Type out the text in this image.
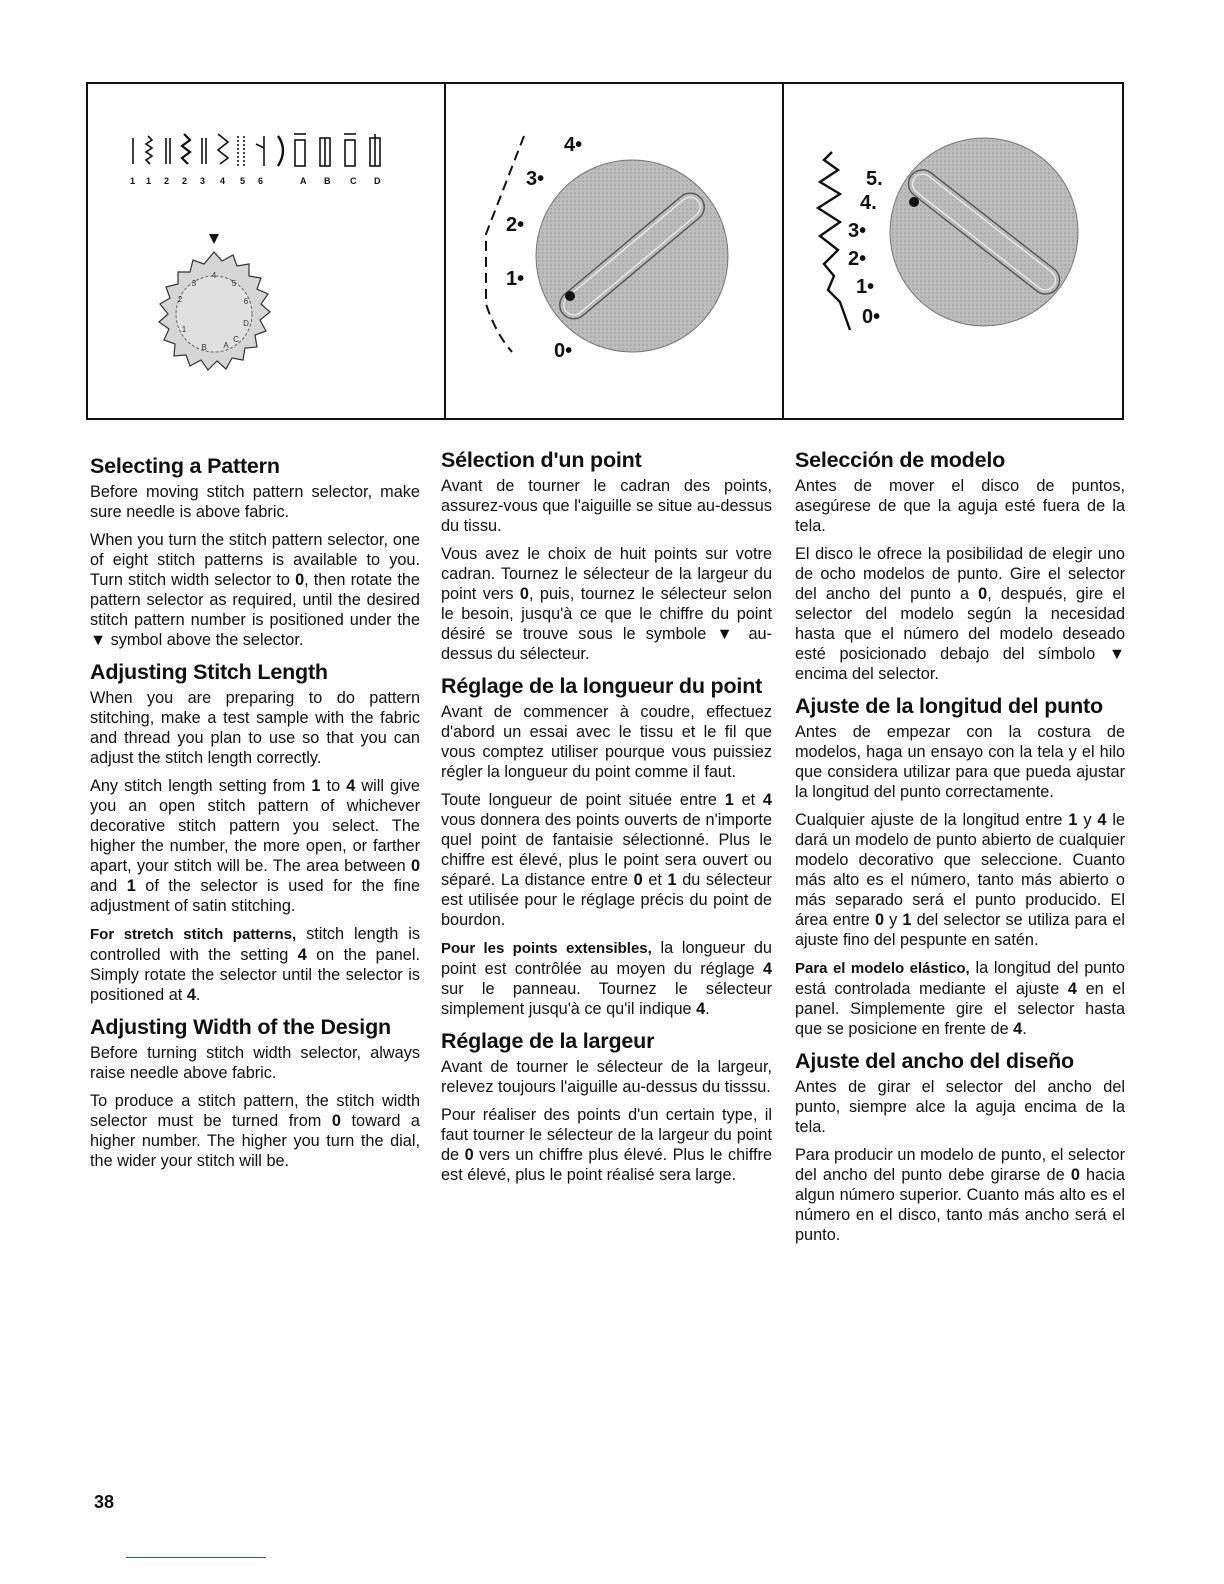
2
3
4
5
6
D
C
A
B
1
1 1 2 2 3 4 5 6	A B C D
4•
3•
2•
1•
0•
5.
4.
3•
2•
1•
0•
Selecting a Pattern

Before moving stitch pattern selector, make sure needle is above fabric.

When you turn the stitch pattern selector, one of eight stitch patterns is available to you. Turn stitch width selector to 0, then rotate the pattern selector as required, until the desired stitch pattern number is positioned under the ▼ symbol above the selector.

Adjusting Stitch Length

When you are preparing to do pattern stitching, make a test sample with the fabric and thread you plan to use so that you can adjust the stitch length correctly.

Any stitch length setting from 1 to 4 will give you an open stitch pattern of whichever decorative stitch pattern you select. The higher the number, the more open, or farther apart, your stitch will be. The area between 0 and 1 of the selector is used for the fine adjustment of satin stitching.

For stretch stitch patterns, stitch length is controlled with the setting 4 on the panel. Simply rotate the selector until the selector is positioned at 4.

Adjusting Width of the Design

Before turning stitch width selector, always raise needle above fabric.

To produce a stitch pattern, the stitch width selector must be turned from 0 toward a higher number. The higher you turn the dial, the wider your stitch will be.

Sélection d'un point

Avant de tourner le cadran des points, assurez-vous que l'aiguille se situe au-dessus du tissu.

Vous avez le choix de huit points sur votre cadran. Tournez le sélecteur de la largeur du point vers 0, puis, tournez le sélecteur selon le besoin, jusqu'à ce que le chiffre du point désiré se trouve sous le symbole ▼ au-dessus du sélecteur.

Réglage de la longueur du point

Avant de commencer à coudre, effectuez d'abord un essai avec le tissu et le fil que vous comptez utiliser pourque vous puissiez régler la longueur du point comme il faut.

Toute longueur de point située entre 1 et 4 vous donnera des points ouverts de n'importe quel point de fantaisie sélectionné. Plus le chiffre est élevé, plus le point sera ouvert ou séparé. La distance entre 0 et 1 du sélecteur est utilisée pour le réglage précis du point de bourdon.

Pour les points extensibles, la longueur du point est contrôlée au moyen du réglage 4 sur le panneau. Tournez le sélecteur simplement jusqu'à ce qu'il indique 4.

Réglage de la largeur

Avant de tourner le sélecteur de la largeur, relevez toujours l'aiguille au-dessus du tisssu.

Pour réaliser des points d'un certain type, il faut tourner le sélecteur de la largeur du point de 0 vers un chiffre plus élevé. Plus le chiffre est élevé, plus le point réalisé sera large.

Selección de modelo

Antes de mover el disco de puntos, asegúrese de que la aguja esté fuera de la tela.

El disco le ofrece la posibilidad de elegir uno de ocho modelos de punto. Gire el selector del ancho del punto a 0, después, gire el selector del modelo según la necesidad hasta que el número del modelo deseado esté posicionado debajo del símbolo ▼ encima del selector.

Ajuste de la longitud del punto

Antes de empezar con la costura de modelos, haga un ensayo con la tela y el hilo que considera utilizar para que pueda ajustar la longitud del punto correctamente.

Cualquier ajuste de la longitud entre 1 y 4 le dará un modelo de punto abierto de cualquier modelo decorativo que seleccione. Cuanto más alto es el número, tanto más abierto o más separado será el punto producido. El área entre 0 y 1 del selector se utiliza para el ajuste fino del pespunte en satén.

Para el modelo elástico, la longitud del punto está controlada mediante el ajuste 4 en el panel. Simplemente gire el selector hasta que se posicione en frente de 4.

Ajuste del ancho del diseño

Antes de girar el selector del ancho del punto, siempre alce la aguja encima de la tela.

Para producir un modelo de punto, el selector del ancho del punto debe girarse de 0 hacia algun número superior. Cuanto más alto es el número en el disco, tanto más ancho será el punto.

38
